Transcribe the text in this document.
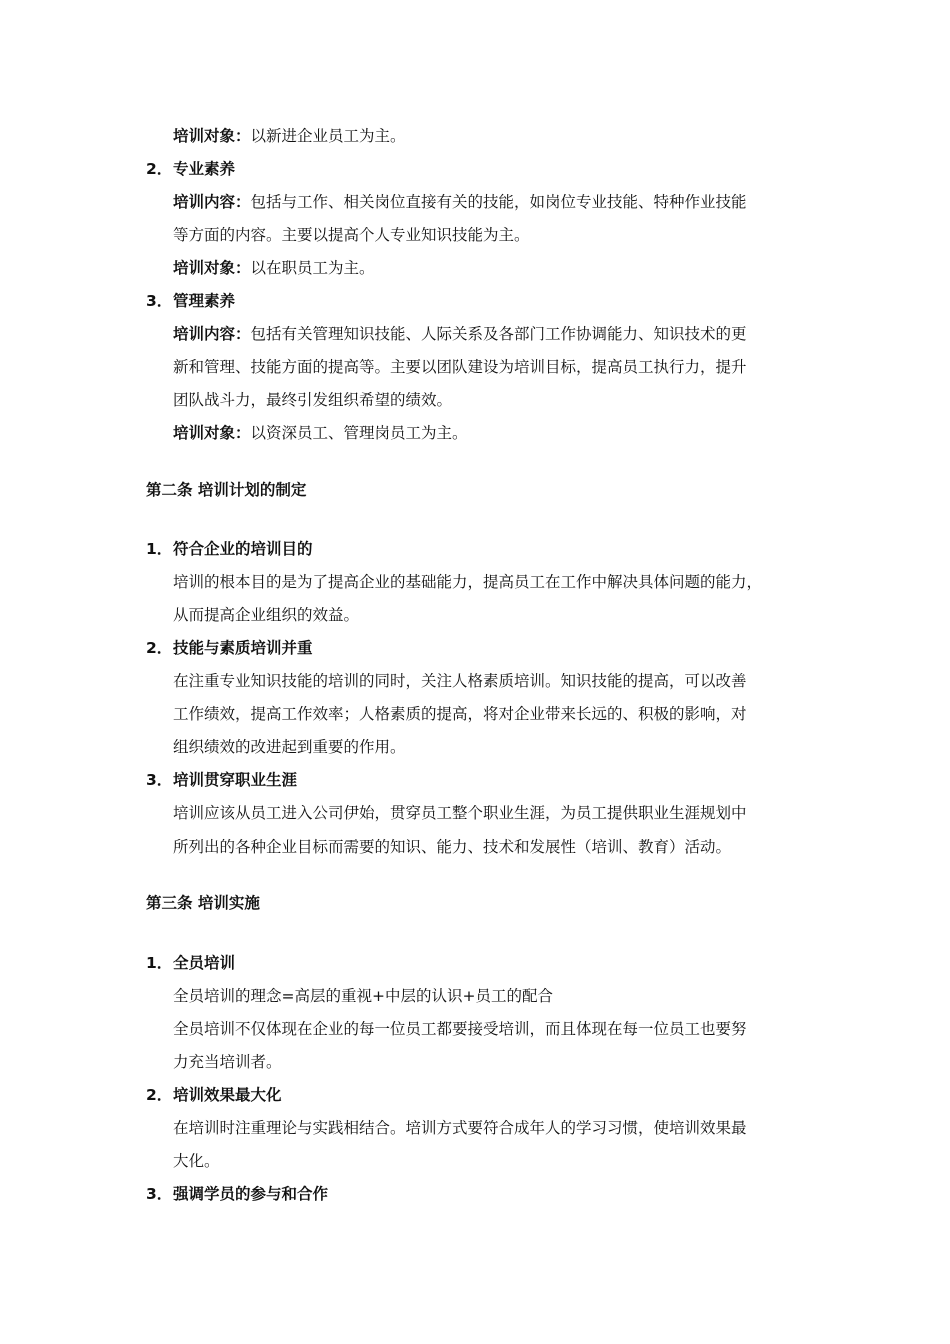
培训对象：以新进企业员工为主。
2．专业素养
培训内容：包括与工作、相关岗位直接有关的技能，如岗位专业技能、特种作业技能
等方面的内容。主要以提高个人专业知识技能为主。
培训对象：以在职员工为主。
3．管理素养
培训内容：包括有关管理知识技能、人际关系及各部门工作协调能力、知识技术的更
新和管理、技能方面的提高等。主要以团队建设为培训目标，提高员工执行力，提升
团队战斗力，最终引发组织希望的绩效。
培训对象：以资深员工、管理岗员工为主。
第二条 培训计划的制定
1．符合企业的培训目的
培训的根本目的是为了提高企业的基础能力，提高员工在工作中解决具体问题的能力，
从而提高企业组织的效益。
2．技能与素质培训并重
在注重专业知识技能的培训的同时，关注人格素质培训。知识技能的提高，可以改善
工作绩效，提高工作效率；人格素质的提高，将对企业带来长远的、积极的影响，对
组织绩效的改进起到重要的作用。
3．培训贯穿职业生涯
培训应该从员工进入公司伊始，贯穿员工整个职业生涯，为员工提供职业生涯规划中
所列出的各种企业目标而需要的知识、能力、技术和发展性（培训、教育）活动。
第三条 培训实施
1．全员培训
全员培训的理念=高层的重视+中层的认识+员工的配合
全员培训不仅体现在企业的每一位员工都要接受培训，而且体现在每一位员工也要努
力充当培训者。
2．培训效果最大化
在培训时注重理论与实践相结合。培训方式要符合成年人的学习习惯，使培训效果最
大化。
3．强调学员的参与和合作
